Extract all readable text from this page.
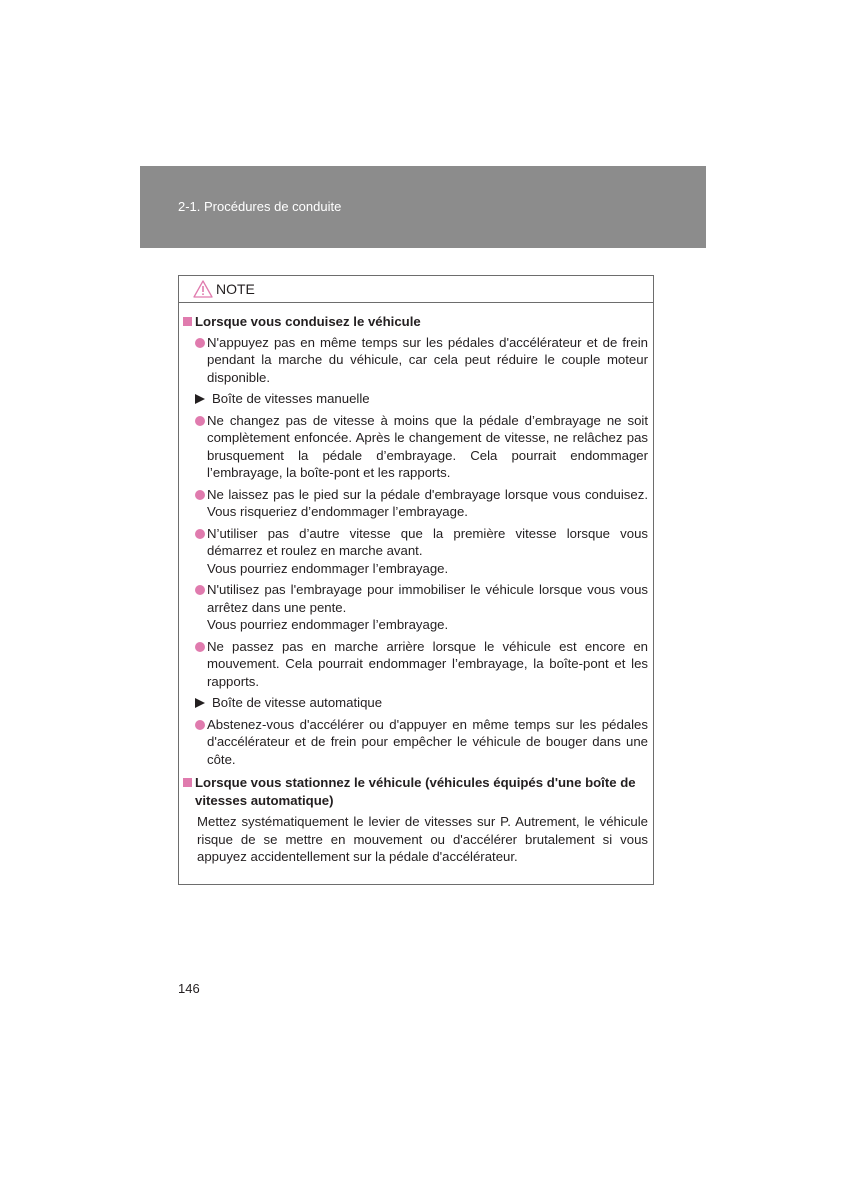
2-1. Procédures de conduite
NOTE
Lorsque vous conduisez le véhicule
N'appuyez pas en même temps sur les pédales d'accélérateur et de frein pendant la marche du véhicule, car cela peut réduire le couple moteur disponible.
Boîte de vitesses manuelle
Ne changez pas de vitesse à moins que la pédale d’embrayage ne soit complètement enfoncée. Après le changement de vitesse, ne relâchez pas brusquement la pédale d’embrayage. Cela pourrait endommager l’embrayage, la boîte-pont et les rapports.
Ne laissez pas le pied sur la pédale d'embrayage lorsque vous conduisez. Vous risqueriez d’endommager l’embrayage.
N’utiliser pas d’autre vitesse que la première vitesse lorsque vous démarrez et roulez en marche avant.
Vous pourriez endommager l’embrayage.
N'utilisez pas l'embrayage pour immobiliser le véhicule lorsque vous vous arrêtez dans une pente.
Vous pourriez endommager l’embrayage.
Ne passez pas en marche arrière lorsque le véhicule est encore en mouvement. Cela pourrait endommager l’embrayage, la boîte-pont et les rapports.
Boîte de vitesse automatique
Abstenez-vous d'accélérer ou d'appuyer en même temps sur les pédales d'accélérateur et de frein pour empêcher le véhicule de bouger dans une côte.
Lorsque vous stationnez le véhicule (véhicules équipés d'une boîte de vitesses automatique)
Mettez systématiquement le levier de vitesses sur P. Autrement, le véhicule risque de se mettre en mouvement ou d'accélérer brutalement si vous appuyez accidentellement sur la pédale d'accélérateur.
146
